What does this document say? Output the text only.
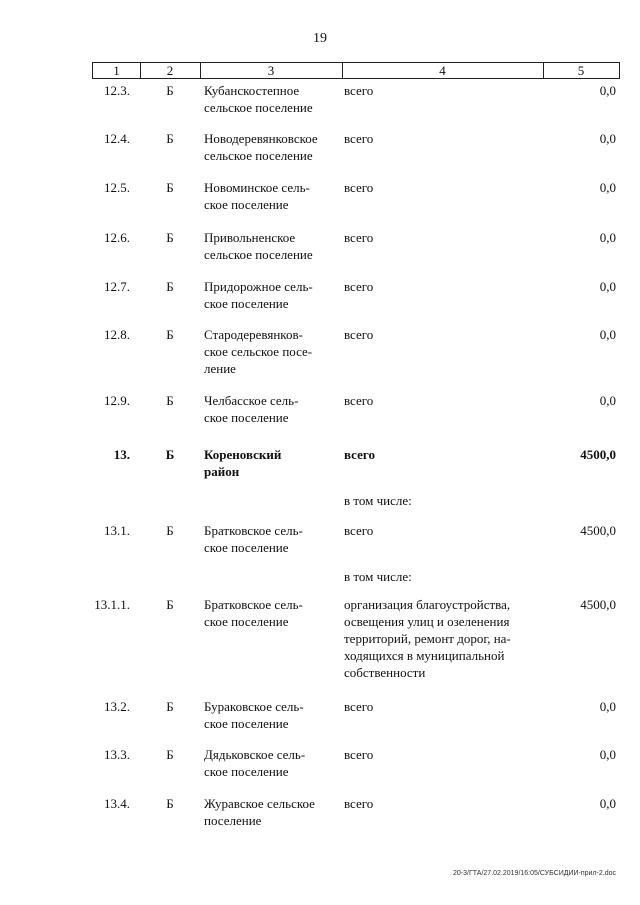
19
1	2	3	4	5
12.3.	Б	Кубанскостепное
сельское поселение
всего	0,0
12.4.	Б	Новодеревянковское
сельское поселение
всего	0,0
12.5.	Б	Новоминское сель-
ское поселение
всего	0,0
12.6.	Б	Привольненское
сельское поселение
всего	0,0
12.7.	Б	Придорожное сель-
ское поселение
всего	0,0
12.8.	Б	Стародеревянков-
ское сельское посе-
ление
всего	0,0
12.9.	Б	Челбасское сель-
ское поселение
всего	0,0
13.	Б	Кореновский
район
всего	4500,0
в том числе:
13.1.	Б	Братковское сель-
ское поселение
всего	4500,0
в том числе:
13.1.1.	Б	Братковское сель-
ское поселение
организация благоустройства,
освещения улиц и озеленения
территорий, ремонт дорог, на-
ходящихся в муниципальной
собственности
4500,0
13.2.	Б	Бураковское сель-
ское поселение
всего	0,0
13.3.	Б	Дядьковское сель-
ское поселение
всего	0,0
13.4.	Б	Журавское сельское
поселение
всего	0,0
20-3/ГТА/27.02.2019/16:05/СУБСИДИИ-прил-2.doc
